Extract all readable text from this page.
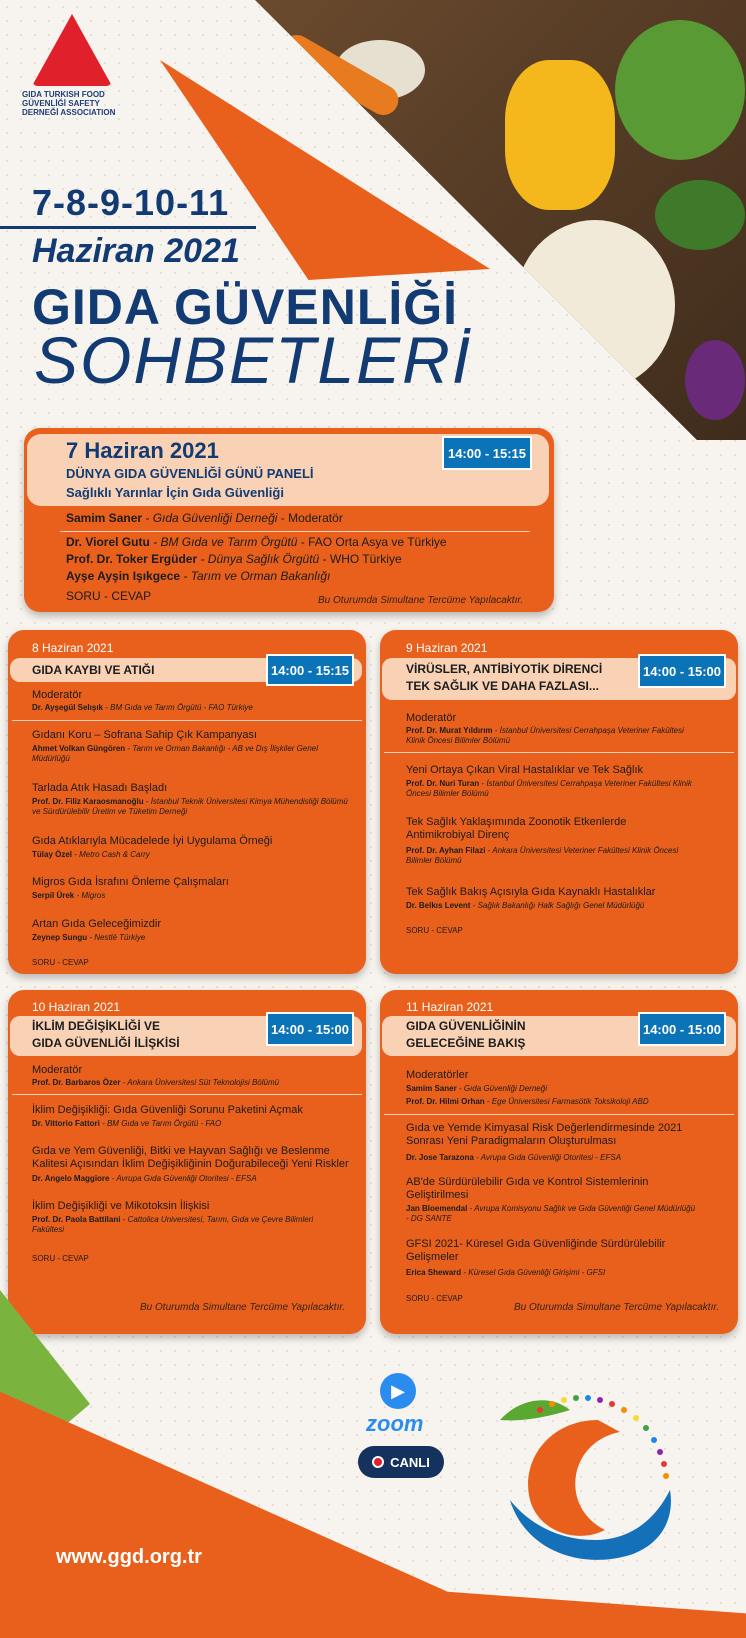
GIDA TURKISH FOOD
GÜVENLİĞİ SAFETY
DERNEĞİ ASSOCIATION
7-8-9-10-11
Haziran 2021
GIDA GÜVENLİĞİ
SOHBETLERİ
7 Haziran 2021
DÜNYA GIDA GÜVENLİĞİ GÜNÜ PANELİ
Sağlıklı Yarınlar İçin Gıda Güvenliği
14:00 - 15:15
Samim Saner - Gıda Güvenliği Derneği - Moderatör
Dr. Viorel Gutu - BM Gıda ve Tarım Örgütü - FAO Orta Asya ve Türkiye
Prof. Dr. Toker Ergüder - Dünya Sağlık Örgütü - WHO Türkiye
Ayşe Ayşin Işıkgece - Tarım ve Orman Bakanlığı
SORU - CEVAP	Bu Oturumda Simultane Tercüme Yapılacaktır.
8 Haziran 2021
GIDA KAYBI VE ATIĞI	14:00 - 15:15
Moderatör
Dr. Ayşegül Selışık - BM Gıda ve Tarım Örgütü - FAO Türkiye
Gıdanı Koru – Sofrana Sahip Çık Kampanyası
Ahmet Volkan Güngören - Tarım ve Orman Bakanlığı - AB ve Dış İlişkiler Genel Müdürlüğü
Tarlada Atık Hasadı Başladı
Prof. Dr. Filiz Karaosmanoğlu - İstanbul Teknik Üniversitesi Kimya Mühendisliği Bölümü ve Sürdürülebilir Üretim ve Tüketim Derneği
Gıda Atıklarıyla Mücadelede İyi Uygulama Örneği
Tülay Özel - Metro Cash & Carry
Migros Gıda İsrafını Önleme Çalışmaları
Serpil Ürek - Migros
Artan Gıda Geleceğimizdir
Zeynep Sungu - Nestlé Türkiye
SORU - CEVAP
9 Haziran 2021
VİRÜSLER, ANTİBİYOTİK DİRENCİ
TEK SAĞLIK VE DAHA FAZLASI...
14:00 - 15:00
Moderatör
Prof. Dr. Murat Yıldırım - İstanbul Üniversitesi Cerrahpaşa Veteriner Fakültesi Klinik Öncesi Bilimler Bölümü
Yeni Ortaya Çıkan Viral Hastalıklar ve Tek Sağlık
Prof. Dr. Nuri Turan - İstanbul Üniversitesi Cerrahpaşa Veteriner Fakültesi Klinik Öncesi Bilimler Bölümü
Tek Sağlık Yaklaşımında Zoonotik Etkenlerde Antimikrobiyal Direnç
Prof. Dr. Ayhan Filazi - Ankara Üniversitesi Veteriner Fakültesi Klinik Öncesi Bilimler Bölümü
Tek Sağlık Bakış Açısıyla Gıda Kaynaklı Hastalıklar
Dr. Belkıs Levent - Sağlık Bakanlığı Halk Sağlığı Genel Müdürlüğü
SORU - CEVAP
10 Haziran 2021
İKLİM DEĞİŞİKLİĞİ VE
GIDA GÜVENLİĞİ İLİŞKİSİ
14:00 - 15:00
Moderatör
Prof. Dr. Barbaros Özer - Ankara Üniversitesi Süt Teknolojisi Bölümü
İklim Değişikliği: Gıda Güvenliği Sorunu Paketini Açmak
Dr. Vittorio Fattori - BM Gıda ve Tarım Örgütü - FAO
Gıda ve Yem Güvenliği, Bitki ve Hayvan Sağlığı ve Beslenme Kalitesi Açısından İklim Değişikliğinin Doğurabileceği Yeni Riskler
Dr. Angelo Maggiore - Avrupa Gıda Güvenliği Otoritesi - EFSA
İklim Değişikliği ve Mikotoksin İlişkisi
Prof. Dr. Paola Battilani - Cattolica Universitesi, Tarım, Gıda ve Çevre Bilimleri Fakültesi
SORU - CEVAP
Bu Oturumda Simultane Tercüme Yapılacaktır.
11 Haziran 2021
GIDA GÜVENLİĞİNİN
GELECEĞİNE BAKIŞ
14:00 - 15:00
Moderatörler
Samim Saner - Gıda Güvenliği Derneği
Prof. Dr. Hilmi Orhan - Ege Üniversitesi Farmasötik Toksikoloji ABD
Gıda ve Yemde Kimyasal Risk Değerlendirmesinde 2021 Sonrası Yeni Paradigmaların Oluşturulması
Dr. Jose Tarazona - Avrupa Gıda Güvenliği Otoritesi - EFSA
AB'de Sürdürülebilir Gıda ve Kontrol Sistemlerinin Geliştirilmesi
Jan Bloemendal - Avrupa Komisyonu Sağlık ve Gıda Güvenliği Genel Müdürlüğü - DG SANTE
GFSI 2021- Küresel Gıda Güvenliğinde Sürdürülebilir Gelişmeler
Erica Sheward - Küresel Gıda Güvenliği Girişimi - GFSI
SORU - CEVAP
Bu Oturumda Simultane Tercüme Yapılacaktır.
▶
zoom
CANLI
www.ggd.org.tr
